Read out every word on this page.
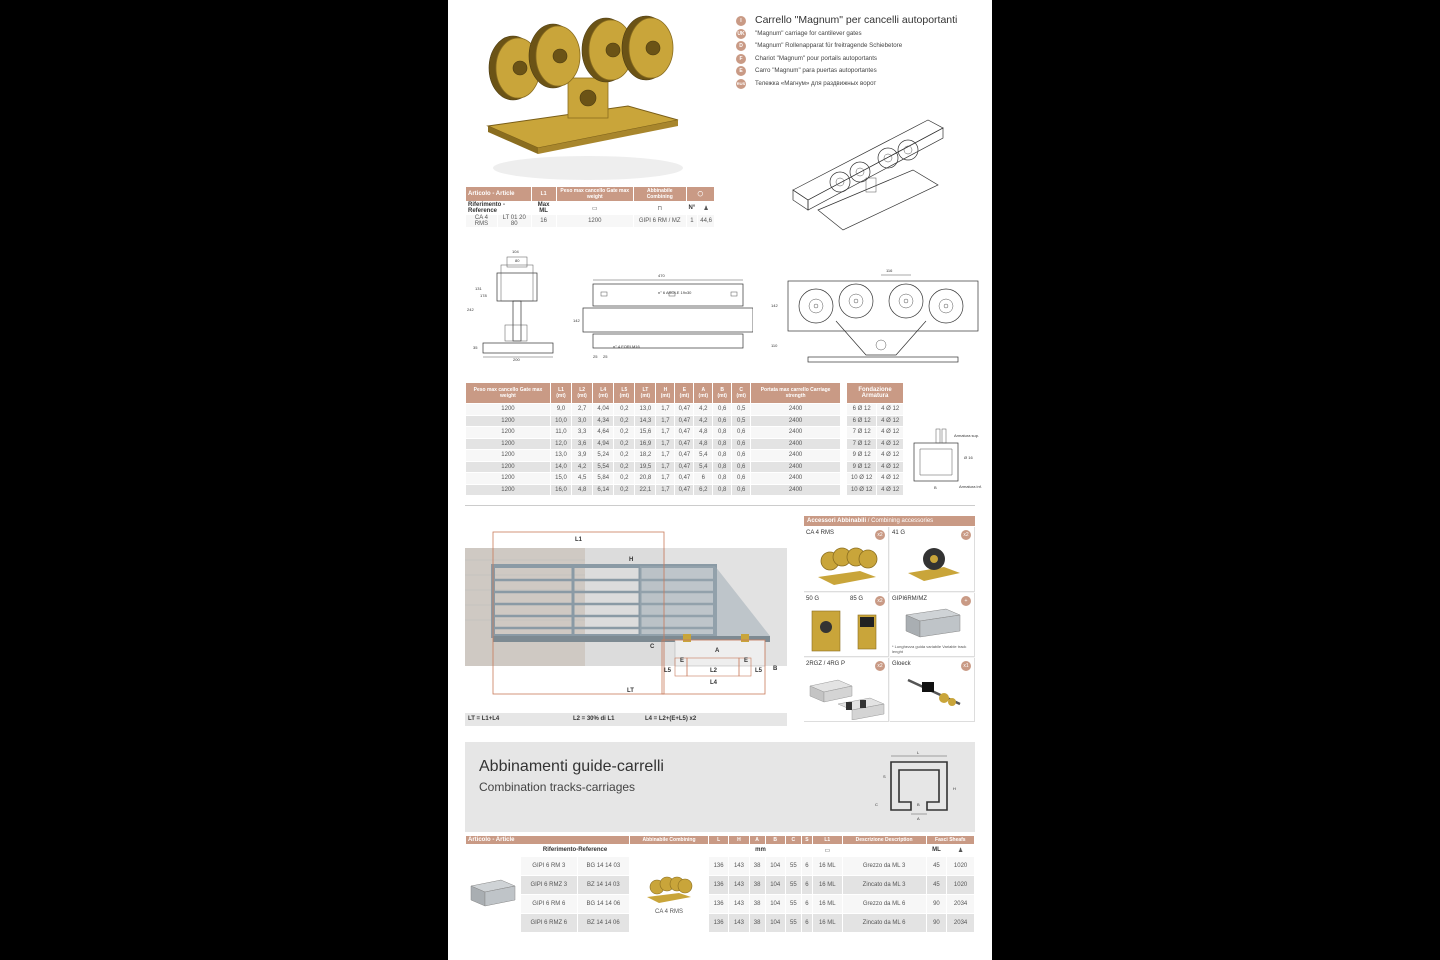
I	Carrello "Magnum" per cancelli autoportanti
UK "Magnum" carriage for cantilever gates
D	"Magnum" Rollenapparat für freitragende Schiebetore
F	Chariot "Magnum" pour portails autoportants
E	Carro "Magnum" para puertas autoportantes
RUS Тележка «Магнум» для раздвижных ворот
Articolo - Article		L1	Peso max cancello Gate max weight	Abbinabile Combining	◯	
Riferimento - Reference		Max ML	▭	⊓	N°	♟
CA 4 RMS	LT 01 20 80	16	1200	GIPI 6 RM / MZ	1	44,6
104
80
131
178
242
35
200
470
n° 6 ASOLE 19x30
n° 4 FORI M16
142
25 25
116
142
110
Peso max cancello Gate max weight	L1 (mt)	L2 (mt)	L4 (mt)	L5 (mt)	LT (mt)	H (mt)	E (mt)	A (mt)	B (mt)	C (mt)	Portata max carrello Carriage strength
1200	9,0	2,7	4,04	0,2	13,0	1,7	0,47	4,2	0,6	0,5	2400
1200	10,0	3,0	4,34	0,2	14,3	1,7	0,47	4,2	0,6	0,5	2400
1200	11,0	3,3	4,64	0,2	15,6	1,7	0,47	4,8	0,8	0,6	2400
1200	12,0	3,6	4,94	0,2	16,9	1,7	0,47	4,8	0,8	0,6	2400
1200	13,0	3,9	5,24	0,2	18,2	1,7	0,47	5,4	0,8	0,6	2400
1200	14,0	4,2	5,54	0,2	19,5	1,7	0,47	5,4	0,8	0,6	2400
1200	15,0	4,5	5,84	0,2	20,8	1,7	0,47	6	0,8	0,6	2400
1200	16,0	4,8	6,14	0,2	22,1	1,7	0,47	6,2	0,8	0,6	2400
Fondazione Armatura	
6 Ø 12	4 Ø 12
6 Ø 12	4 Ø 12
7 Ø 12	4 Ø 12
7 Ø 12	4 Ø 12
9 Ø 12	4 Ø 12
9 Ø 12	4 Ø 12
10 Ø 12	4 Ø 12
10 Ø 12	4 Ø 12
Armatura sup.
Ø 16
B	Armatura inf.
L1
H
C
A
E	E
L5	L5
L2
L4
B
LT
LT = L1+L4	L2 = 30% di L1	L4 = L2+(E+L5) x2
Accessori Abbinabili / Combining accessories
CA 4 RMS	x2	41 G	x2
50 G	85 G	x2	GIPI6RM/MZ	+
* Lunghezza guida variabile Variable track lenght
2RGZ / 4RG P	x2	Gloeck	x1
Abbinamenti guide-carrelli
Combination tracks-carriages
L
S
H
C	B
A
Articolo - Article			Abbinabile Combining	L	H	A	B	C	S	L1	Descrizione Description	Fasci Sheafs	
	Riferimento-Reference			mm						▭		ML	♟
	GIPI 6 RM 3	BG 14 14 03	CA 4 RMS	136	143	38	104	55	6	16 ML	Grezzo da ML 3	45	1020
	GIPI 6 RMZ 3	BZ 14 14 03		136	143	38	104	55	6	16 ML	Zincato da ML 3	45	1020
	GIPI 6 RM 6	BG 14 14 06		136	143	38	104	55	6	16 ML	Grezzo da ML 6	90	2034
	GIPI 6 RMZ 6	BZ 14 14 06		136	143	38	104	55	6	16 ML	Zincato da ML 6	90	2034
